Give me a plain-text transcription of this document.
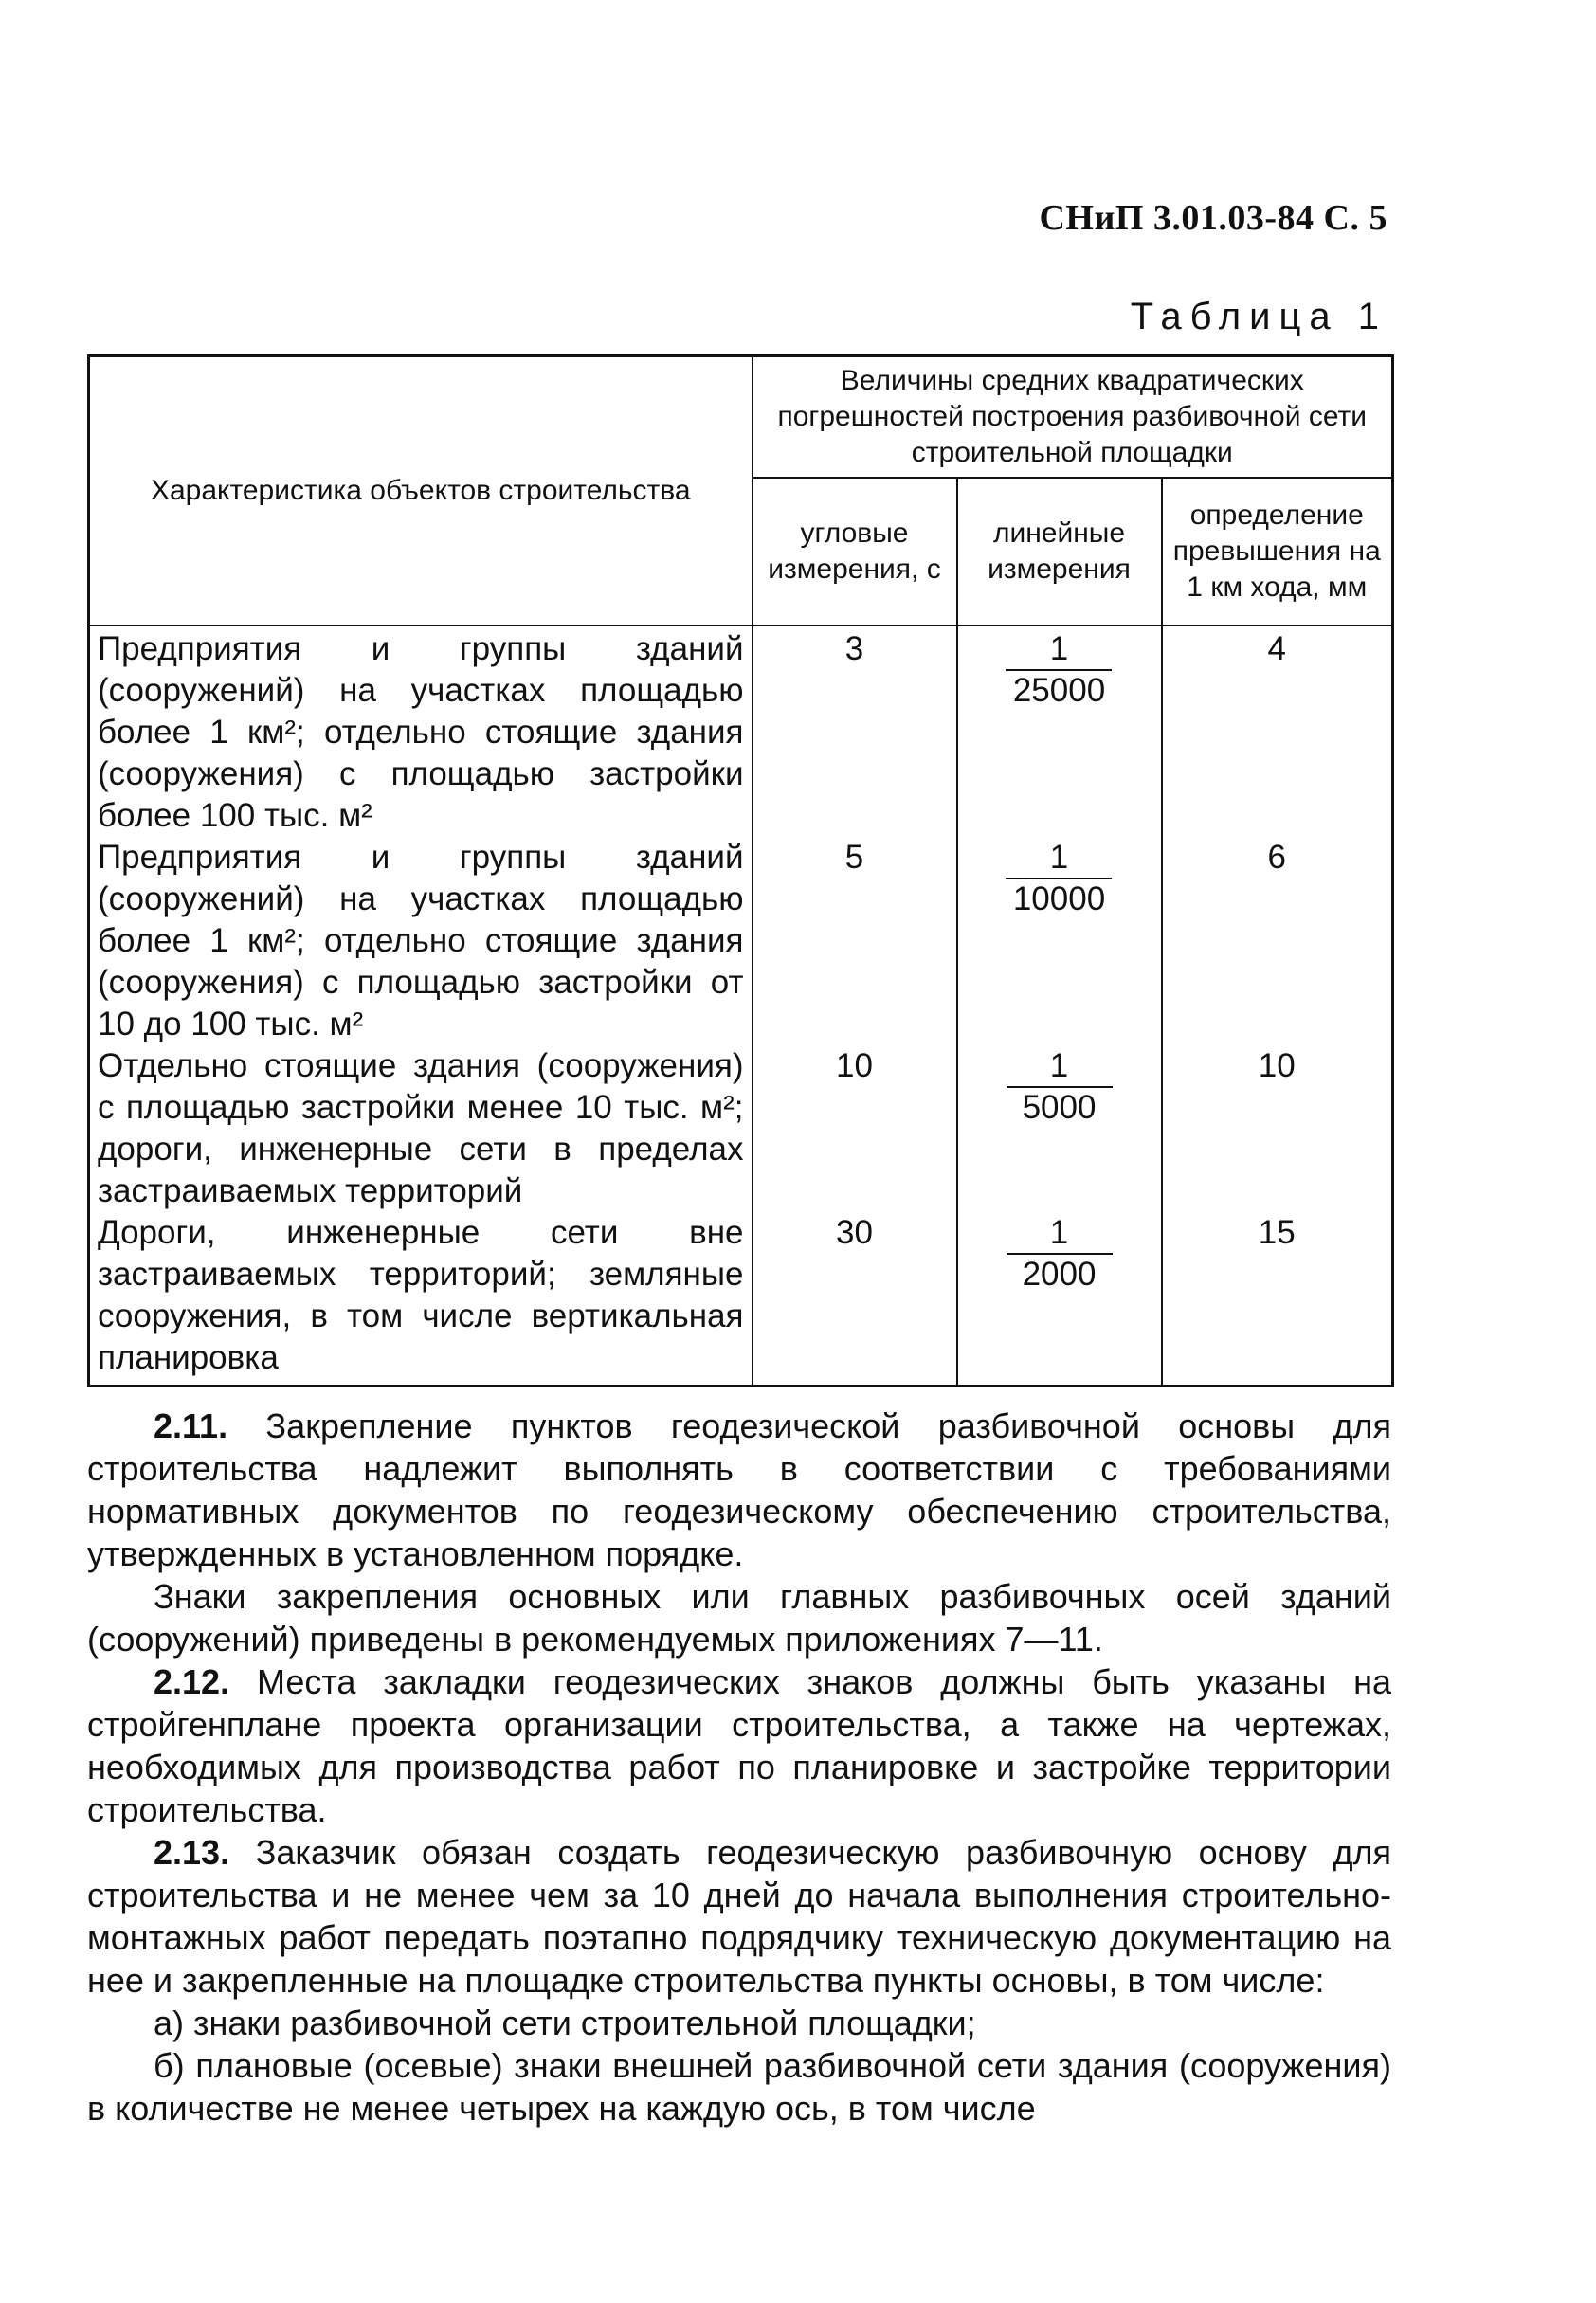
СНиП 3.01.03-84 С. 5
Таблица 1
Характеристика объектов строительства	Величины средних квадратических погрешностей построения разбивочной сети строительной площадки		
	угловые измерения, с	линейные измерения	определение превышения на 1 км хода, мм
Предприятия и группы зданий (сооружений) на участках площадью более 1 км²; отдельно стоящие здания (сооружения) с площадью застройки более 100 тыс. м²	3	$\frac{1}{25000}$	4
Предприятия и группы зданий (сооружений) на участках площадью более 1 км²; отдельно стоящие здания (сооружения) с площадью застройки от 10 до 100 тыс. м²	5	$\frac{1}{10000}$	6
Отдельно стоящие здания (сооружения) с площадью застройки менее 10 тыс. м²; дороги, инженерные сети в пределах застраиваемых территорий	10	$\frac{1}{5000}$	10
Дороги, инженерные сети вне застраиваемых территорий; земляные сооружения, в том числе вертикальная планировка	30	$\frac{1}{2000}$	15

2.11. Закрепление пунктов геодезической разбивочной основы для строительства надлежит выполнять в соответствии с требованиями нормативных документов по геодезическому обеспечению строительства, утвержденных в установленном порядке.

Знаки закрепления основных или главных разбивочных осей зданий (сооружений) приведены в рекомендуемых приложениях 7—11.

2.12. Места закладки геодезических знаков должны быть указаны на стройгенплане проекта организации строительства, а также на чертежах, необходимых для производства работ по планировке и застройке территории строительства.

2.13. Заказчик обязан создать геодезическую разбивочную основу для строительства и не менее чем за 10 дней до начала выполнения строительно-монтажных работ передать поэтапно подрядчику техническую документацию на нее и закрепленные на площадке строительства пункты основы, в том числе:

а) знаки разбивочной сети строительной площадки;

б) плановые (осевые) знаки внешней разбивочной сети здания (сооружения) в количестве не менее четырех на каждую ось, в том числе
